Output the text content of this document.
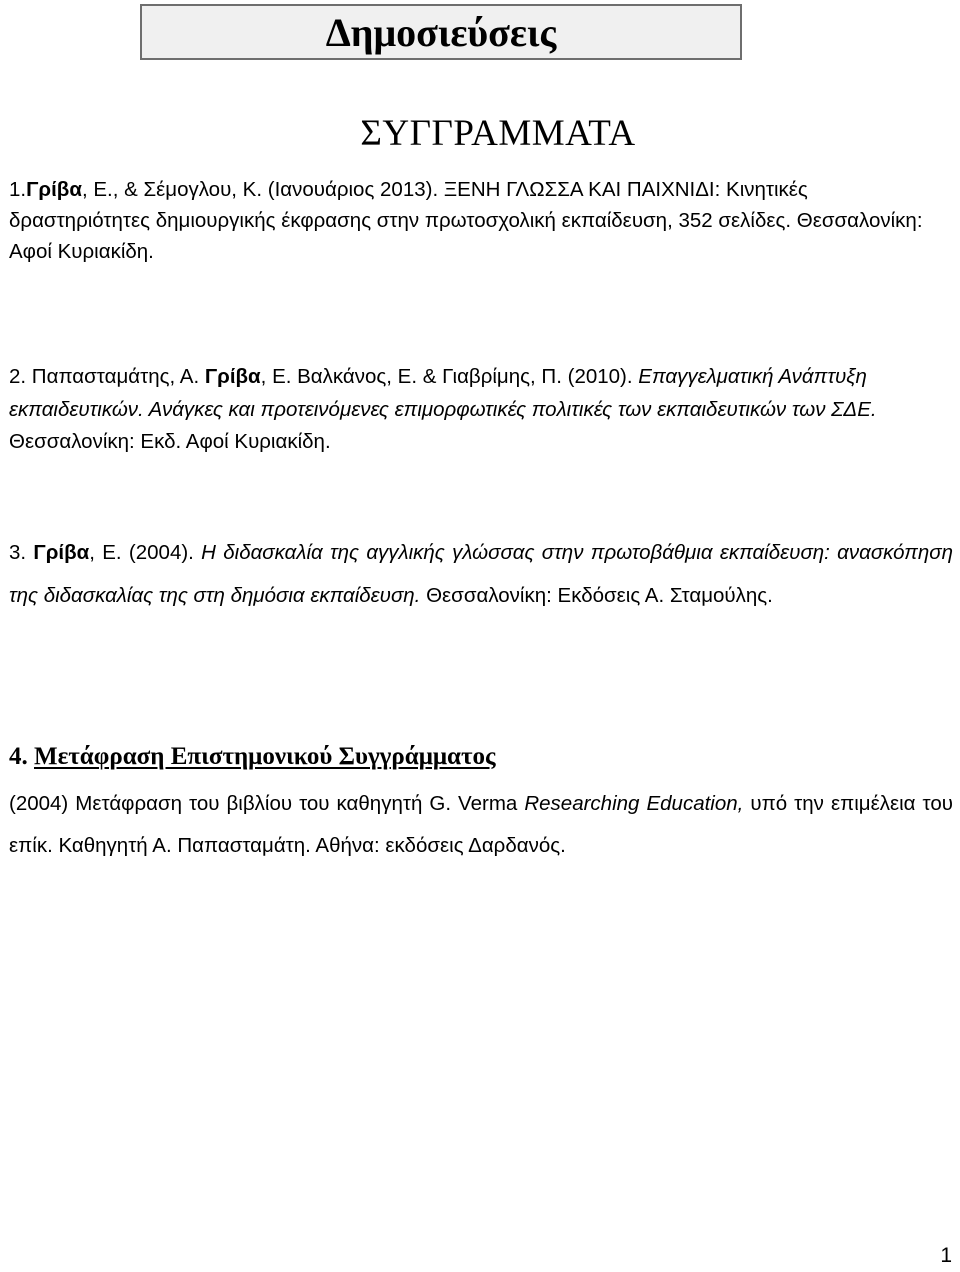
Δημοσιεύσεις
ΣΥΓΓΡΑΜΜΑΤΑ

1.Γρίβα, Ε., & Σέμογλου, Κ. (Ιανουάριος 2013). ΞΕΝΗ ΓΛΩΣΣΑ ΚΑΙ ΠΑΙΧΝΙΔΙ: Κινητικές δραστηριότητες δημιουργικής έκφρασης στην πρωτοσχολική εκπαίδευση, 352 σελίδες. Θεσσαλονίκη: Αφοί Κυριακίδη.

2. Παπασταμάτης, Α. Γρίβα, Ε. Βαλκάνος, Ε. & Γιαβρίμης, Π. (2010). Επαγγελματική Ανάπτυξη εκπαιδευτικών. Ανάγκες και προτεινόμενες επιμορφωτικές πολιτικές των εκπαιδευτικών των ΣΔΕ. Θεσσαλονίκη: Εκδ. Αφοί Κυριακίδη.

3. Γρίβα, Ε. (2004). Η διδασκαλία της αγγλικής γλώσσας στην πρωτοβάθμια εκπαίδευση: ανασκόπηση της διδασκαλίας της στη δημόσια εκπαίδευση. Θεσσαλονίκη: Εκδόσεις Α. Σταμούλης.

4. Μετάφραση Επιστημονικού Συγγράμματος

(2004) Μετάφραση του βιβλίου του καθηγητή G. Verma Researching Education, υπό την επιμέλεια του επίκ. Καθηγητή Α. Παπασταμάτη. Αθήνα: εκδόσεις Δαρδανός.

1
